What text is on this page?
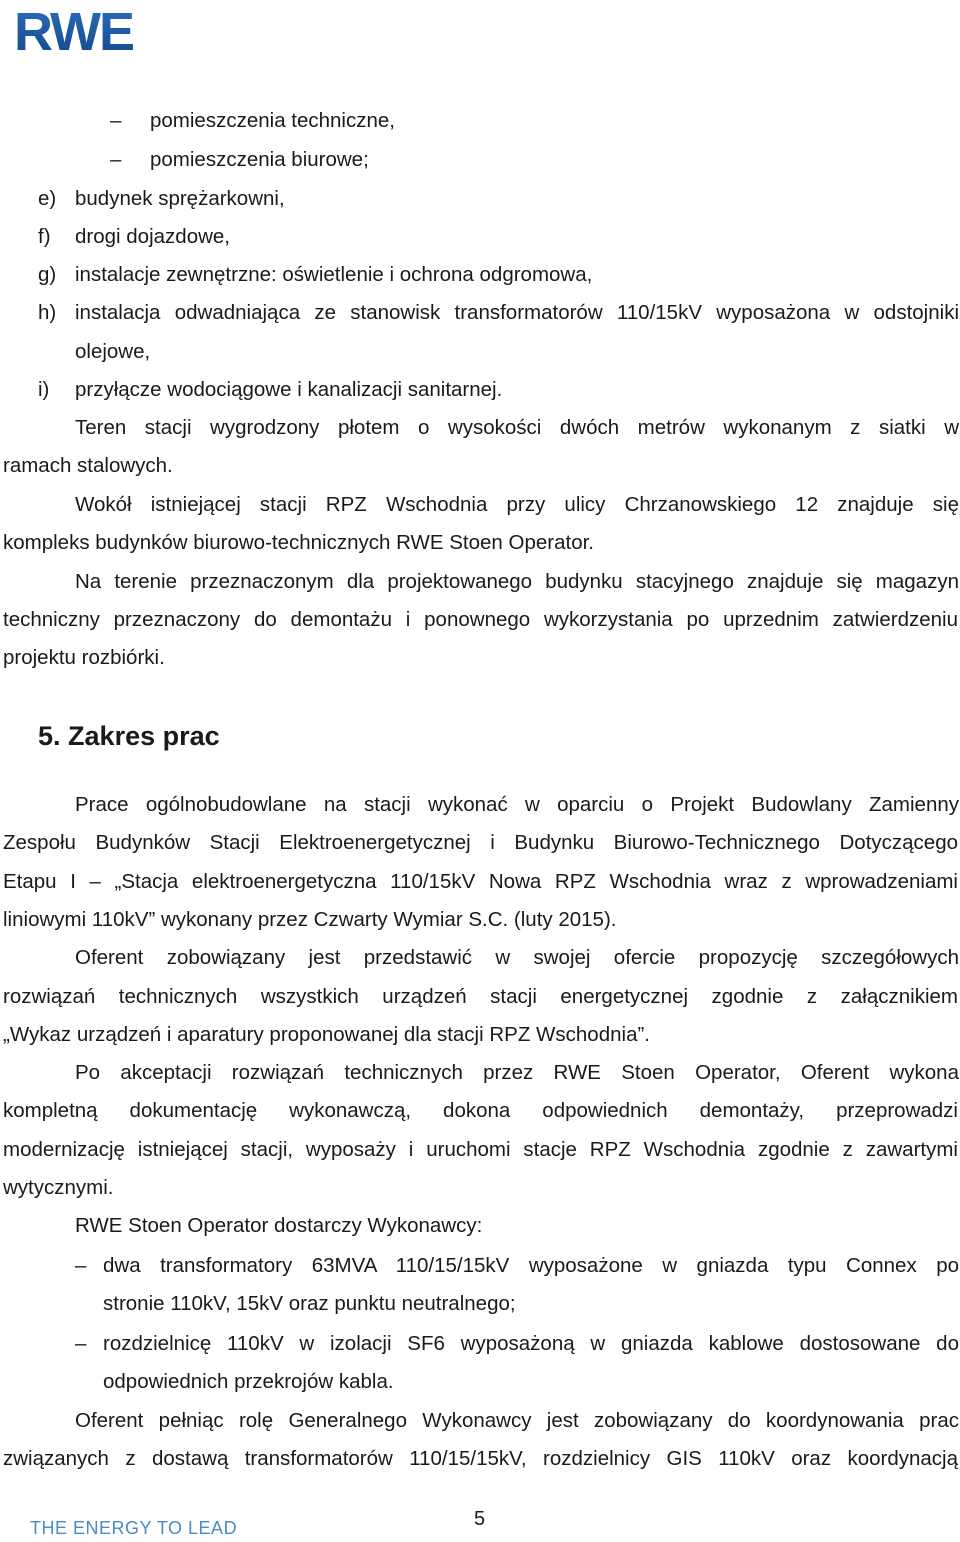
RWE
– pomieszczenia techniczne,
– pomieszczenia biurowe;
e) budynek sprężarkowni,
f) drogi dojazdowe,
g) instalacje zewnętrzne: oświetlenie i ochrona odgromowa,
h) instalacja odwadniająca ze stanowisk transformatorów 110/15kV wyposażona w odstojniki
olejowe,
i) przyłącze wodociągowe i kanalizacji sanitarnej.
Teren stacji wygrodzony płotem o wysokości dwóch metrów wykonanym z siatki w
ramach stalowych.
Wokół istniejącej stacji RPZ Wschodnia przy ulicy Chrzanowskiego 12 znajduje się
kompleks budynków biurowo-technicznych RWE Stoen Operator.
Na terenie przeznaczonym dla projektowanego budynku stacyjnego znajduje się magazyn
techniczny przeznaczony do demontażu i ponownego wykorzystania po uprzednim zatwierdzeniu
projektu rozbiórki.
5. Zakres prac
Prace ogólnobudowlane na stacji wykonać w oparciu o Projekt Budowlany Zamienny
Zespołu Budynków Stacji Elektroenergetycznej i Budynku Biurowo-Technicznego Dotyczącego
Etapu I – „Stacja elektroenergetyczna 110/15kV Nowa RPZ Wschodnia wraz z wprowadzeniami
liniowymi 110kV” wykonany przez Czwarty Wymiar S.C. (luty 2015).
Oferent zobowiązany jest przedstawić w swojej ofercie propozycję szczegółowych
rozwiązań technicznych wszystkich urządzeń stacji energetycznej zgodnie z załącznikiem
„Wykaz urządzeń i aparatury proponowanej dla stacji RPZ Wschodnia”.
Po akceptacji rozwiązań technicznych przez RWE Stoen Operator, Oferent wykona
kompletną dokumentację wykonawczą, dokona odpowiednich demontaży, przeprowadzi
modernizację istniejącej stacji, wyposaży i uruchomi stacje RPZ Wschodnia zgodnie z zawartymi
wytycznymi.
RWE Stoen Operator dostarczy Wykonawcy:
– dwa transformatory 63MVA 110/15/15kV wyposażone w gniazda typu Connex po
stronie 110kV, 15kV oraz punktu neutralnego;
– rozdzielnicę 110kV w izolacji SF6 wyposażoną w gniazda kablowe dostosowane do
odpowiednich przekrojów kabla.
Oferent pełniąc rolę Generalnego Wykonawcy jest zobowiązany do koordynowania prac
związanych z dostawą transformatorów 110/15/15kV, rozdzielnicy GIS 110kV oraz koordynacją
THE ENERGY TO LEAD	5
